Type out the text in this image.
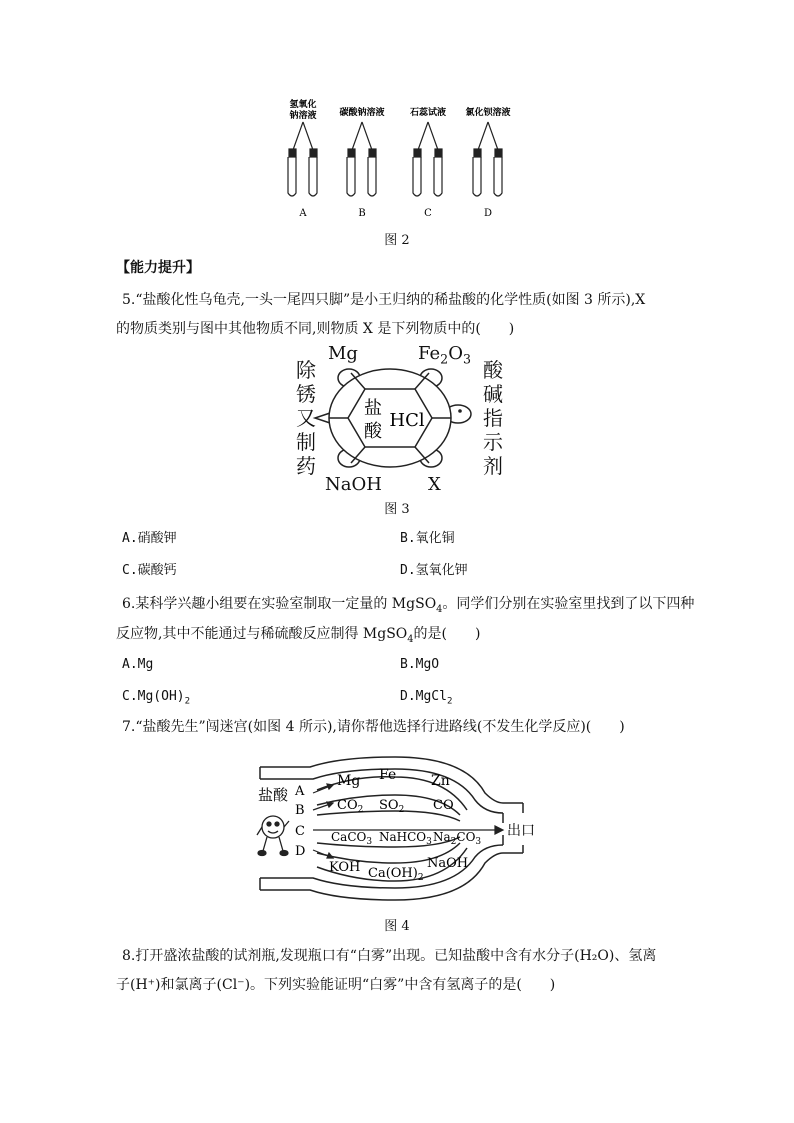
氢氧化
钠溶液	碳酸钠溶液	石蕊试液 氯化钡溶液
A	B	C	D
图 2
【能力提升】
5.“盐酸化性乌龟壳,一头一尾四只脚”是小王归纳的稀盐酸的化学性质(如图 3 所示),X
的物质类别与图中其他物质不同,则物质 X 是下列物质中的(　　)
盐
酸
HCl
除
锈
又
制
药
酸
碱
指
示
剂
Mg	$Fe_2O_3$
NaOH	X
图 3
A.硝酸钾	B.氧化铜
C.碳酸钙	D.氢氧化钾
6.某科学兴趣小组要在实验室制取一定量的 MgSO$_4$。同学们分别在实验室里找到了以下四种
反应物,其中不能通过与稀硫酸反应制得 MgSO$_4$的是(　　)
A.Mg	B.MgO
$C.Mg(OH)_2$	D.MgCl$_2$
7.“盐酸先生”闯迷宫(如图 4 所示),请你帮他选择行进路线(不发生化学反应)(　　)
盐酸 A
B
C
D
Mg Fe Zn
$CO_2$ $SO_2$ CO
CaCO$_3$ NaHCO$_3$ $Na_2CO_3$
KOH $Ca(OH)_2$
NaOH
出口
图 4
8.打开盛浓盐酸的试剂瓶,发现瓶口有“白雾”出现。已知盐酸中含有水分子(H₂O)、氢离
子(H⁺)和氯离子(Cl⁻)。下列实验能证明“白雾”中含有氢离子的是(　　)
